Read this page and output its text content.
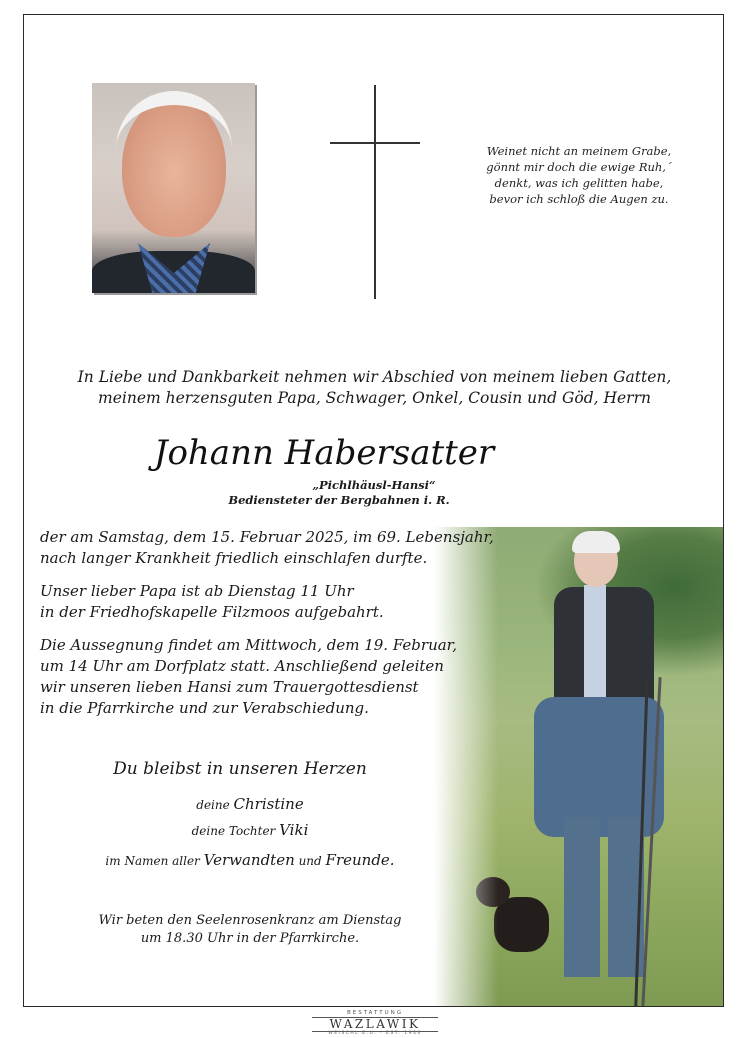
Weinet nicht an meinem Grabe,
gönnt mir doch die ewige Ruh,´
denkt, was ich gelitten habe,
bevor ich schloß die Augen zu.
In Liebe und Dankbarkeit nehmen wir Abschied von meinem lieben Gatten,
meinem herzensguten Papa, Schwager, Onkel, Cousin und Göd, Herrn
Johann Habersatter
„Pichlhäusl-Hansi“
Bediensteter der Bergbahnen i. R.
der am Samstag, dem 15. Februar 2025, im 69. Lebensjahr,
nach langer Krankheit friedlich einschlafen durfte.
Unser lieber Papa ist ab Dienstag 11 Uhr
in der Friedhofskapelle Filzmoos aufgebahrt.
Die Aussegnung findet am Mittwoch, dem 19. Februar,
um 14 Uhr am Dorfplatz statt. Anschließend geleiten
wir unseren lieben Hansi zum Trauergottesdienst
in die Pfarrkirche und zur Verabschiedung.
Du bleibst in unseren Herzen
deine Christine
deine Tochter Viki
im Namen aller Verwandten und Freunde.
Wir beten den Seelenrosenkranz am Dienstag
um 18.30 Uhr in der Pfarrkirche.
BESTATTUNG
WAZLAWIK
WEISCHL E.U. · EST. 1936
